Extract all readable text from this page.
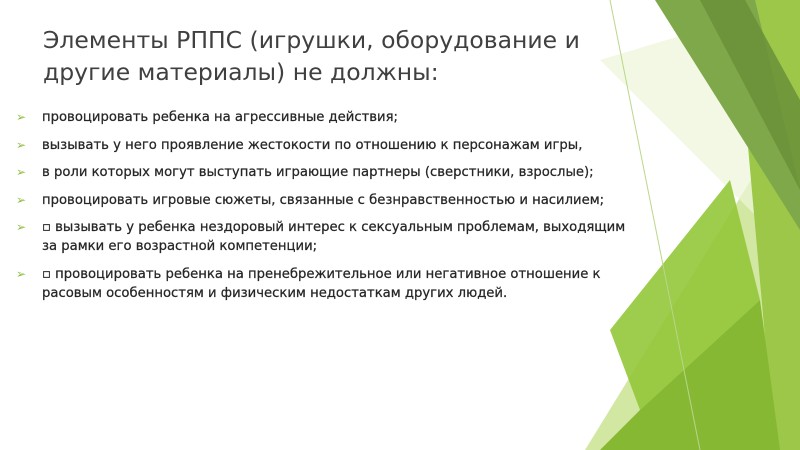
Элементы РППС (игрушки, оборудование и другие материалы) не должны:
➢ провоцировать ребенка на агрессивные действия;
➢ вызывать у него проявление жестокости по отношению к персонажам игры,
➢ в роли которых могут выступать играющие партнеры (сверстники, взрослые);
➢ провоцировать игровые сюжеты, связанные с безнравственностью и насилием;
➢ ▫ вызывать у ребенка нездоровый интерес к сексуальным проблемам, выходящим за рамки его возрастной компетенции;
➢ ▫ провоцировать ребенка на пренебрежительное или негативное отношение к расовым особенностям и физическим недостаткам других людей.
